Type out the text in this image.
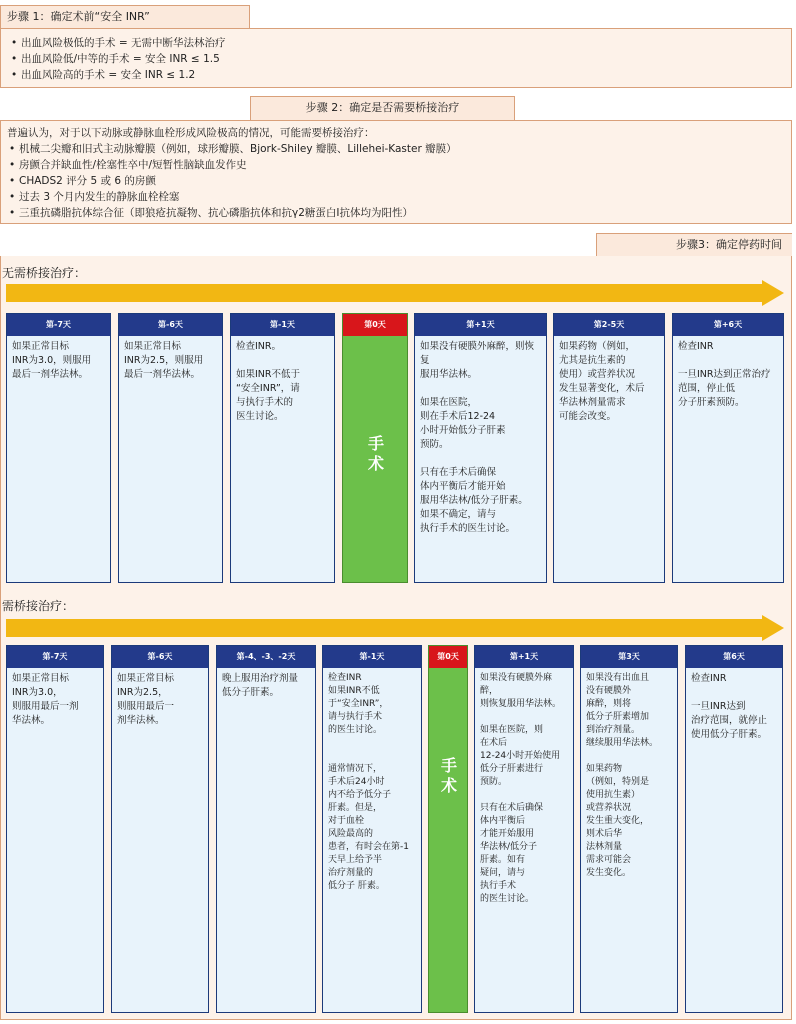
步骤 1：确定术前“安全 INR”
• 出血风险极低的手术 = 无需中断华法林治疗
• 出血风险低/中等的手术 = 安全 INR ≤ 1.5
• 出血风险高的手术 = 安全 INR ≤ 1.2
步骤 2：确定是否需要桥接治疗
普遍认为，对于以下动脉或静脉血栓形成风险极高的情况，可能需要桥接治疗：
• 机械二尖瓣和旧式主动脉瓣膜（例如，球形瓣膜、Bjork-Shiley 瓣膜、Lillehei-Kaster 瓣膜）
• 房颤合并缺血性/栓塞性卒中/短暂性脑缺血发作史
• CHADS2 评分 5 或 6 的房颤
• 过去 3 个月内发生的静脉血栓栓塞
• 三重抗磷脂抗体综合征（即狼疮抗凝物、抗心磷脂抗体和抗γ2糖蛋白I抗体均为阳性）
步骤3：确定停药时间
无需桥接治疗：
第-7天
如果正常目标
INR为3.0，则服用
最后一剂华法林。
第-6天
如果正常目标
INR为2.5，则服用
最后一剂华法林。
第-1天
检查INR。

如果INR不低于
“安全INR”，请
与执行手术的
医生讨论。
第0天
手术
第+1天
如果没有硬膜外麻醉，则恢复
服用华法林。

如果在医院，
则在手术后12-24
小时开始低分子肝素
预防。

只有在手术后确保
体内平衡后才能开始
服用华法林/低分子肝素。
如果不确定，请与
执行手术的医生讨论。
第2-5天
如果药物（例如，
尤其是抗生素的
使用）或营养状况
发生显著变化，术后
华法林剂量需求
可能会改变。
第+6天
检查INR

一旦INR达到正常治疗
范围，停止低
分子肝素预防。
需桥接治疗：
第-7天
如果正常目标
INR为3.0，
则服用最后一剂
华法林。
第-6天
如果正常目标
INR为2.5，
则服用最后一
剂华法林。
第-4、-3、-2天
晚上服用治疗剂量
低分子肝素。
第-1天
检查INR
如果INR不低
于“安全INR”，
请与执行手术
的医生讨论。

通常情况下，
手术后24小时
内不给予低分子
肝素。但是，
对于血栓
风险最高的
患者，有时会在第-1
天早上给予半
治疗剂量的
低分子 肝素。
第0天
手术
第+1天
如果没有硬膜外麻醉，
则恢复服用华法林。

如果在医院，则
在术后
12-24小时开始使用
低分子肝素进行
预防。

只有在术后确保
体内平衡后
才能开始服用
华法林/低分子
肝素。如有
疑问，请与
执行手术
的医生讨论。
第3天
如果没有出血且
没有硬膜外
麻醉，则将
低分子肝素增加
到治疗剂量。
继续服用华法林。

如果药物
（例如，特别是
使用抗生素）
或营养状况
发生重大变化，
则术后华
法林剂量
需求可能会
发生变化。
第6天
检查INR

一旦INR达到
治疗范围，就停止
使用低分子肝素。
